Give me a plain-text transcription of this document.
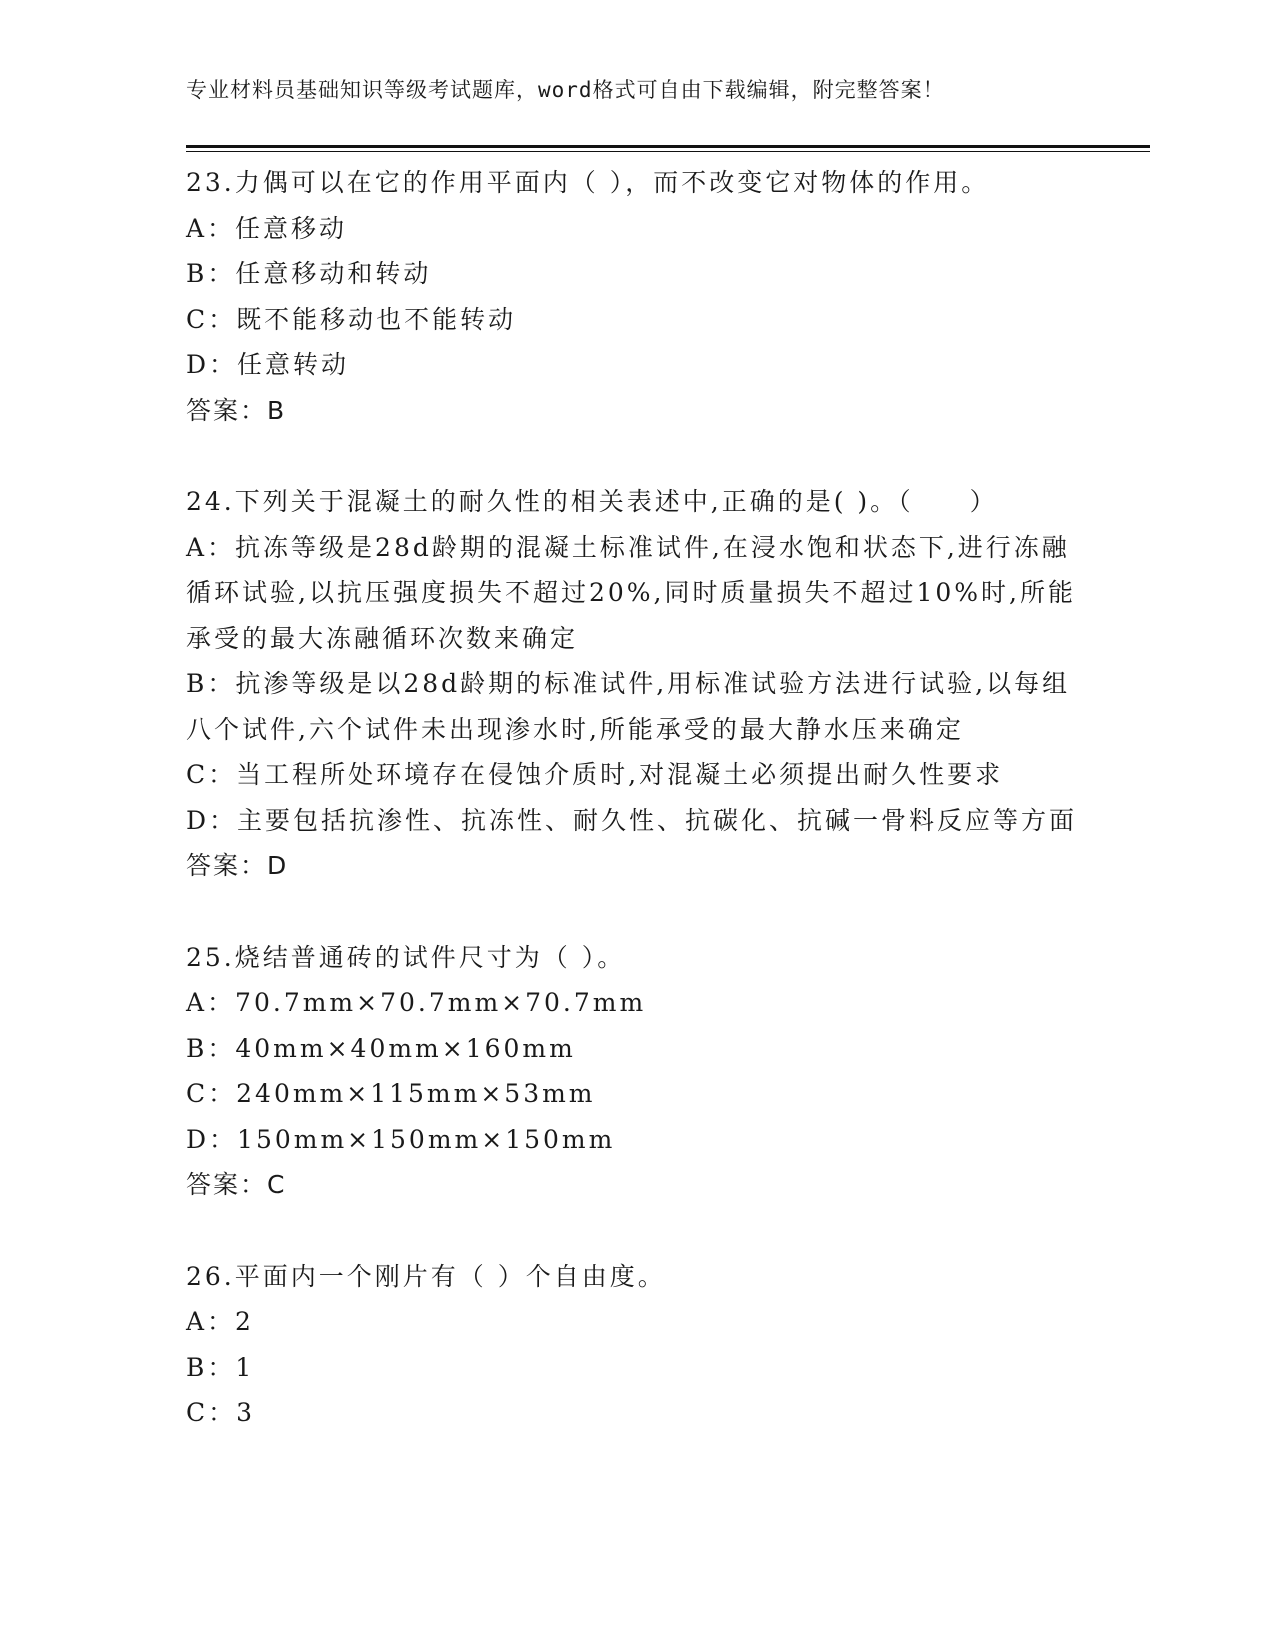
专业材料员基础知识等级考试题库，word格式可自由下载编辑，附完整答案！
23.力偶可以在它的作用平面内（ ），而不改变它对物体的作用。
A：任意移动
B：任意移动和转动
C：既不能移动也不能转动
D：任意转动
答案：B
24.下列关于混凝土的耐久性的相关表述中,正确的是( )。（　　）
A：抗冻等级是28d龄期的混凝土标准试件,在浸水饱和状态下,进行冻融循环试验,以抗压强度损失不超过20%,同时质量损失不超过10%时,所能承受的最大冻融循环次数来确定
B：抗渗等级是以28d龄期的标准试件,用标准试验方法进行试验,以每组八个试件,六个试件未出现渗水时,所能承受的最大静水压来确定
C：当工程所处环境存在侵蚀介质时,对混凝土必须提出耐久性要求
D：主要包括抗渗性、抗冻性、耐久性、抗碳化、抗碱一骨料反应等方面
答案：D
25.烧结普通砖的试件尺寸为（ ）。
A：70.7mm×70.7mm×70.7mm
B：40mm×40mm×160mm
C：240mm×115mm×53mm
D：150mm×150mm×150mm
答案：C
26.平面内一个刚片有（ ）个自由度。
A：2
B：1
C：3
